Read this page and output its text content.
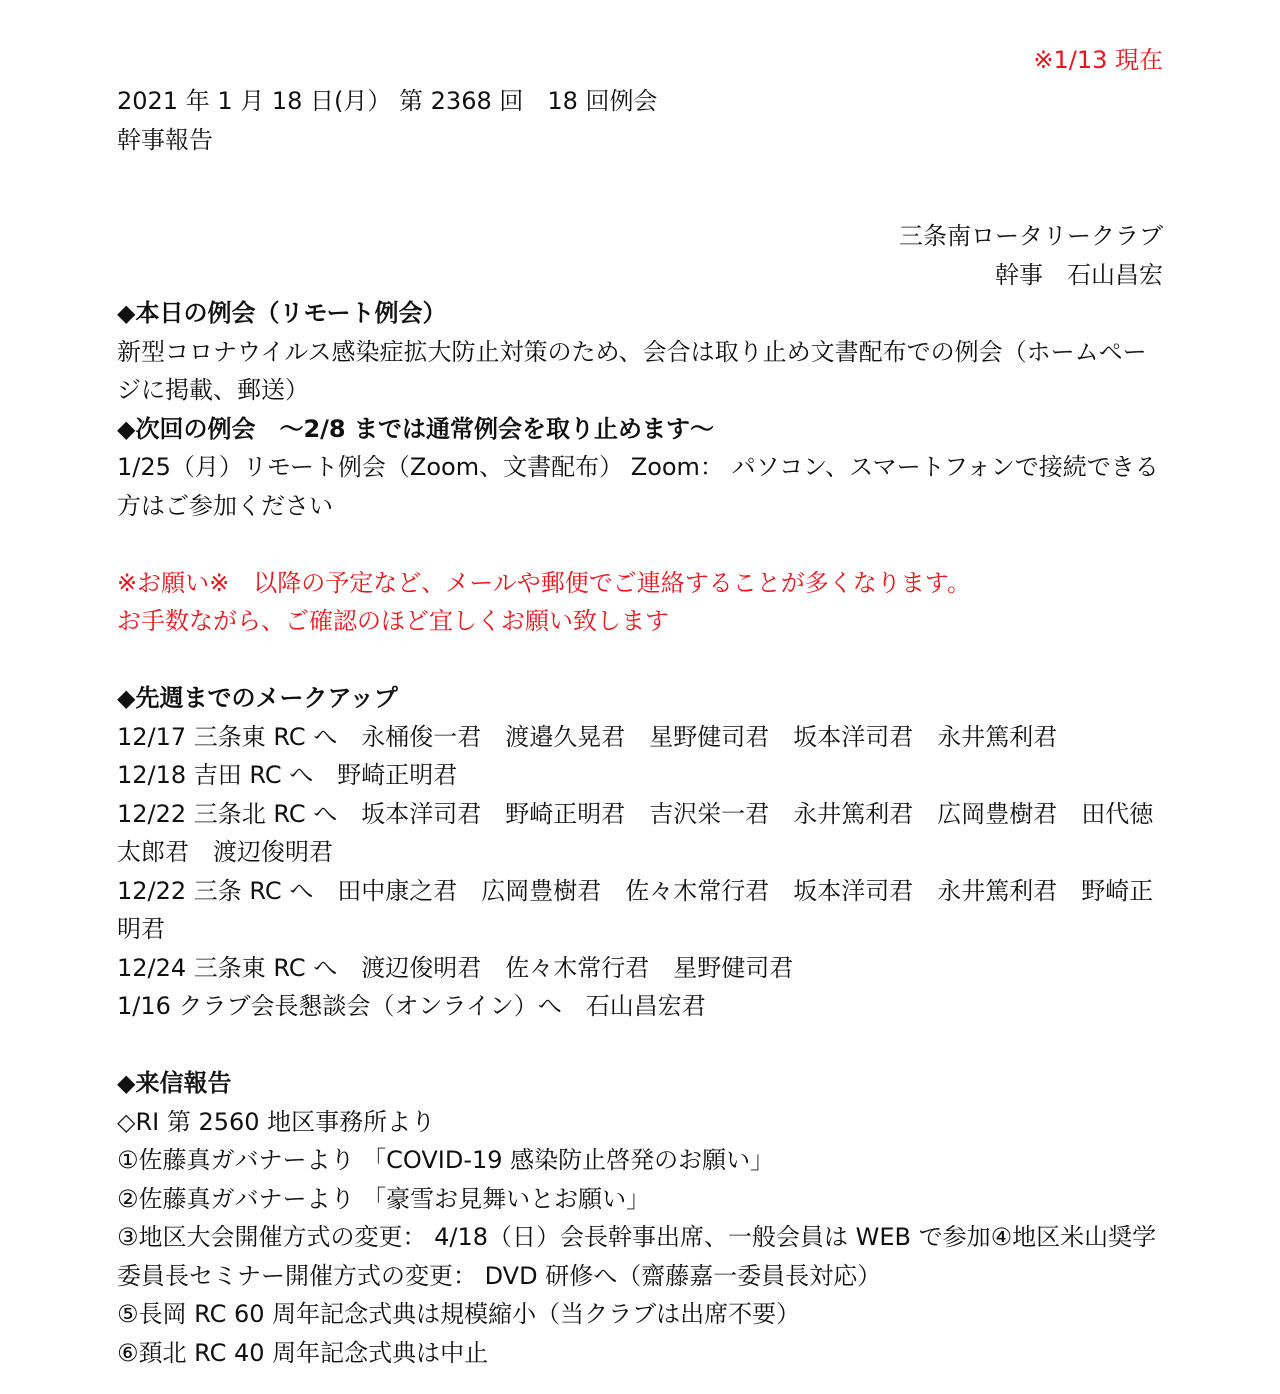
※1/13 現在

2021 年 1 月 18 日(月） 第 2368 回　18 回例会

幹事報告

三条南ロータリークラブ

幹事　石山昌宏

◆本日の例会（リモート例会）

新型コロナウイルス感染症拡大防止対策のため、会合は取り止め文書配布での例会（ホームページに掲載、郵送）

◆次回の例会　～2/8 までは通常例会を取り止めます～

1/25（月）リモート例会（Zoom、文書配布） Zoom： パソコン、スマートフォンで接続できる方はご参加ください

※お願い※　以降の予定など、メールや郵便でご連絡することが多くなります。

お手数ながら、ご確認のほど宜しくお願い致します

◆先週までのメークアップ

12/17 三条東 RC へ　永桶俊一君　渡邉久晃君　星野健司君　坂本洋司君　永井篤利君

12/18 吉田 RC へ　野崎正明君

12/22 三条北 RC へ　坂本洋司君　野崎正明君　吉沢栄一君　永井篤利君　広岡豊樹君　田代徳太郎君　渡辺俊明君

12/22 三条 RC へ　田中康之君　広岡豊樹君　佐々木常行君　坂本洋司君　永井篤利君　野崎正明君

12/24 三条東 RC へ　渡辺俊明君　佐々木常行君　星野健司君

1/16 クラブ会長懇談会（オンライン）へ　石山昌宏君

◆来信報告

◇RI 第 2560 地区事務所より

①佐藤真ガバナーより 「COVID-19 感染防止啓発のお願い」

②佐藤真ガバナーより 「豪雪お見舞いとお願い」

③地区大会開催方式の変更： 4/18（日）会長幹事出席、一般会員は WEB で参加④地区米山奨学委員長セミナー開催方式の変更： DVD 研修へ（齋藤嘉一委員長対応）

⑤長岡 RC 60 周年記念式典は規模縮小（当クラブは出席不要）

⑥頚北 RC 40 周年記念式典は中止
